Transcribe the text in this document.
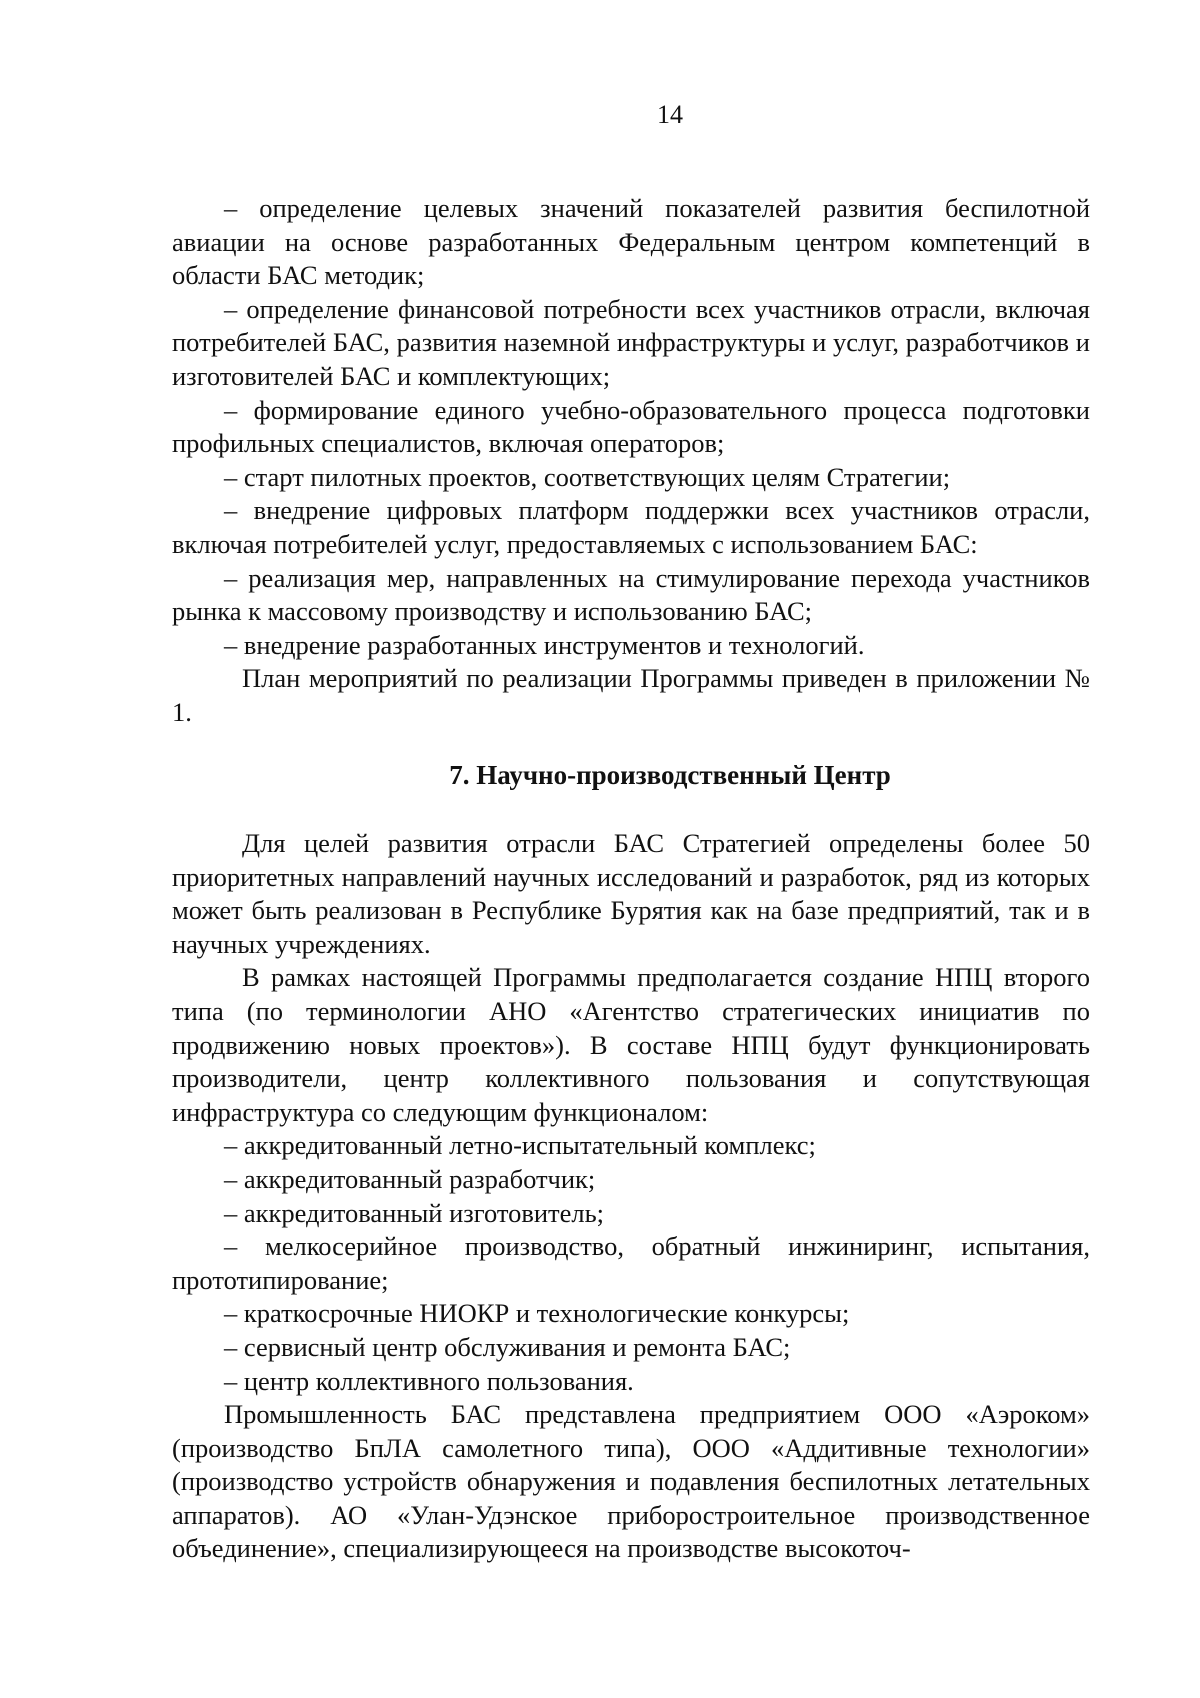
14

– определение целевых значений показателей развития беспилотной авиации на основе разработанных Федеральным центром компетенций в области БАС методик;

– определение финансовой потребности всех участников отрасли, включая потребителей БАС, развития наземной инфраструктуры и услуг, разработчиков и изготовителей БАС и комплектующих;

– формирование единого учебно-образовательного процесса подготовки профильных специалистов, включая операторов;

– старт пилотных проектов, соответствующих целям Стратегии;

– внедрение цифровых платформ поддержки всех участников отрасли, включая потребителей услуг, предоставляемых с использованием БАС:

– реализация мер, направленных на стимулирование перехода участников рынка к массовому производству и использованию БАС;

– внедрение разработанных инструментов и технологий.

План мероприятий по реализации Программы приведен в приложении № 1.

7. Научно-производственный Центр

Для целей развития отрасли БАС Стратегией определены более 50 приоритетных направлений научных исследований и разработок, ряд из которых может быть реализован в Республике Бурятия как на базе предприятий, так и в научных учреждениях.

В рамках настоящей Программы предполагается создание НПЦ второго типа (по терминологии АНО «Агентство стратегических инициатив по продвижению новых проектов»). В составе НПЦ будут функционировать производители, центр коллективного пользования и сопутствующая инфраструктура со следующим функционалом:

– аккредитованный летно-испытательный комплекс;

– аккредитованный разработчик;

– аккредитованный изготовитель;

– мелкосерийное производство, обратный инжиниринг, испытания, прототипирование;

– краткосрочные НИОКР и технологические конкурсы;

– сервисный центр обслуживания и ремонта БАС;

– центр коллективного пользования.

Промышленность БАС представлена предприятием ООО «Аэроком» (производство БпЛА самолетного типа), ООО «Аддитивные технологии» (производство устройств обнаружения и подавления беспилотных летательных аппаратов). АО «Улан-Удэнское приборостроительное производственное объединение», специализирующееся на производстве высокоточ-
